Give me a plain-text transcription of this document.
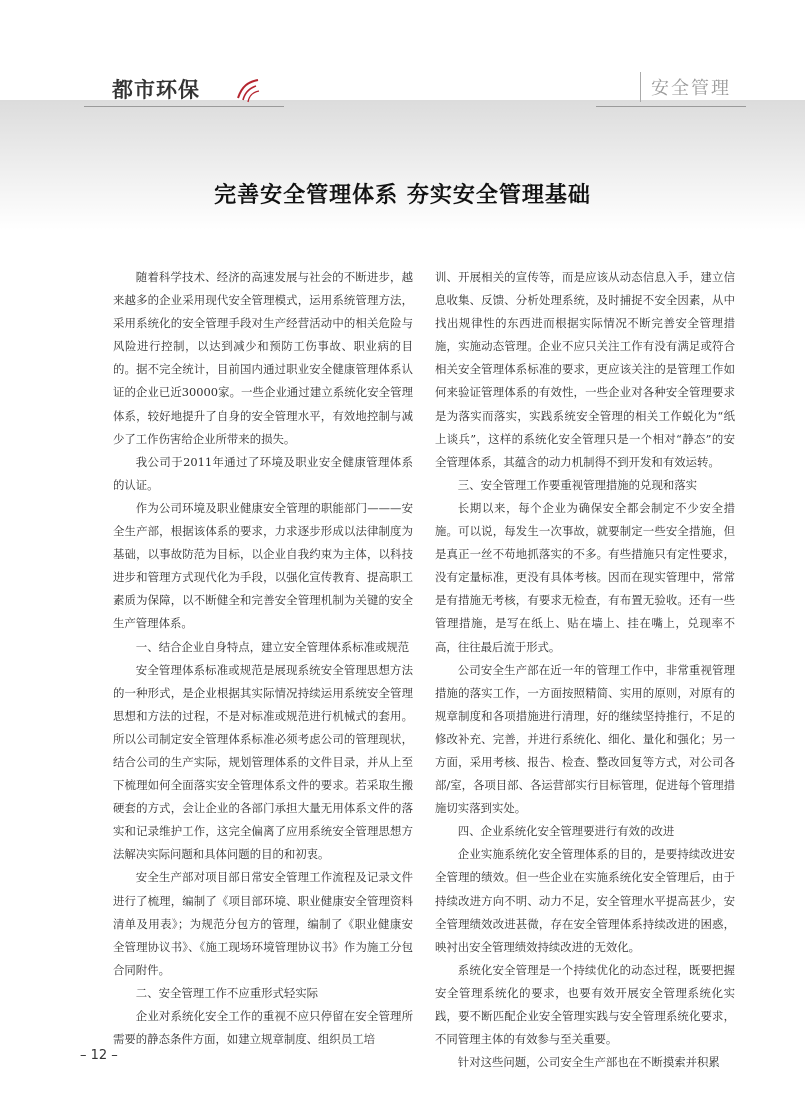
都市环保	安全管理
完善安全管理体系 夯实安全管理基础

随着科学技术、经济的高速发展与社会的不断进步，越来越多的企业采用现代安全管理模式，运用系统管理方法，采用系统化的安全管理手段对生产经营活动中的相关危险与风险进行控制，以达到减少和预防工伤事故、职业病的目的。据不完全统计，目前国内通过职业安全健康管理体系认证的企业已近30000家。一些企业通过建立系统化安全管理体系，较好地提升了自身的安全管理水平，有效地控制与减少了工作伤害给企业所带来的损失。

我公司于2011年通过了环境及职业安全健康管理体系的认证。

作为公司环境及职业健康安全管理的职能部门———安全生产部，根据该体系的要求，力求逐步形成以法律制度为基础，以事故防范为目标，以企业自我约束为主体，以科技进步和管理方式现代化为手段，以强化宣传教育、提高职工素质为保障，以不断健全和完善安全管理机制为关键的安全生产管理体系。

一、结合企业自身特点，建立安全管理体系标准或规范

安全管理体系标准或规范是展现系统安全管理思想方法的一种形式，是企业根据其实际情况持续运用系统安全管理思想和方法的过程，不是对标准或规范进行机械式的套用。所以公司制定安全管理体系标准必须考虑公司的管理现状，结合公司的生产实际，规划管理体系的文件目录，并从上至下梳理如何全面落实安全管理体系文件的要求。若采取生搬硬套的方式，会让企业的各部门承担大量无用体系文件的落实和记录维护工作，这完全偏离了应用系统安全管理思想方法解决实际问题和具体问题的目的和初衷。

安全生产部对项目部日常安全管理工作流程及记录文件进行了梳理，编制了《项目部环境、职业健康安全管理资料清单及用表》；为规范分包方的管理，编制了《职业健康安全管理协议书》、《施工现场环境管理协议书》作为施工分包合同附件。

二、安全管理工作不应重形式轻实际

企业对系统化安全工作的重视不应只停留在安全管理所需要的静态条件方面，如建立规章制度、组织员工培

训、开展相关的宣传等，而是应该从动态信息入手，建立信息收集、反馈、分析处理系统，及时捕捉不安全因素，从中找出规律性的东西进而根据实际情况不断完善安全管理措施，实施动态管理。企业不应只关注工作有没有满足或符合相关安全管理体系标准的要求，更应该关注的是管理工作如何来验证管理体系的有效性，一些企业对各种安全管理要求是为落实而落实，实践系统安全管理的相关工作蜕化为“纸上谈兵”，这样的系统化安全管理只是一个相对“静态”的安全管理体系，其蕴含的动力机制得不到开发和有效运转。

三、安全管理工作要重视管理措施的兑现和落实

长期以来，每个企业为确保安全都会制定不少安全措施。可以说，每发生一次事故，就要制定一些安全措施，但是真正一丝不苟地抓落实的不多。有些措施只有定性要求，没有定量标准，更没有具体考核。因而在现实管理中，常常是有措施无考核，有要求无检查，有布置无验收。还有一些管理措施，是写在纸上、贴在墙上、挂在嘴上，兑现率不高，往往最后流于形式。

公司安全生产部在近一年的管理工作中，非常重视管理措施的落实工作，一方面按照精简、实用的原则，对原有的规章制度和各项措施进行清理，好的继续坚持推行，不足的修改补充、完善，并进行系统化、细化、量化和强化；另一方面，采用考核、报告、检查、整改回复等方式，对公司各部/室，各项目部、各运营部实行目标管理，促进每个管理措施切实落到实处。

四、企业系统化安全管理要进行有效的改进

企业实施系统化安全管理体系的目的，是要持续改进安全管理的绩效。但一些企业在实施系统化安全管理后，由于持续改进方向不明、动力不足，安全管理水平提高甚少，安全管理绩效改进甚微，存在安全管理体系持续改进的困惑，映衬出安全管理绩效持续改进的无效化。

系统化安全管理是一个持续优化的动态过程，既要把握安全管理系统化的要求，也要有效开展安全管理系统化实践，要不断匹配企业安全管理实践与安全管理系统化要求，不同管理主体的有效参与至关重要。

针对这些问题，公司安全生产部也在不断摸索并积累

– 12 –
